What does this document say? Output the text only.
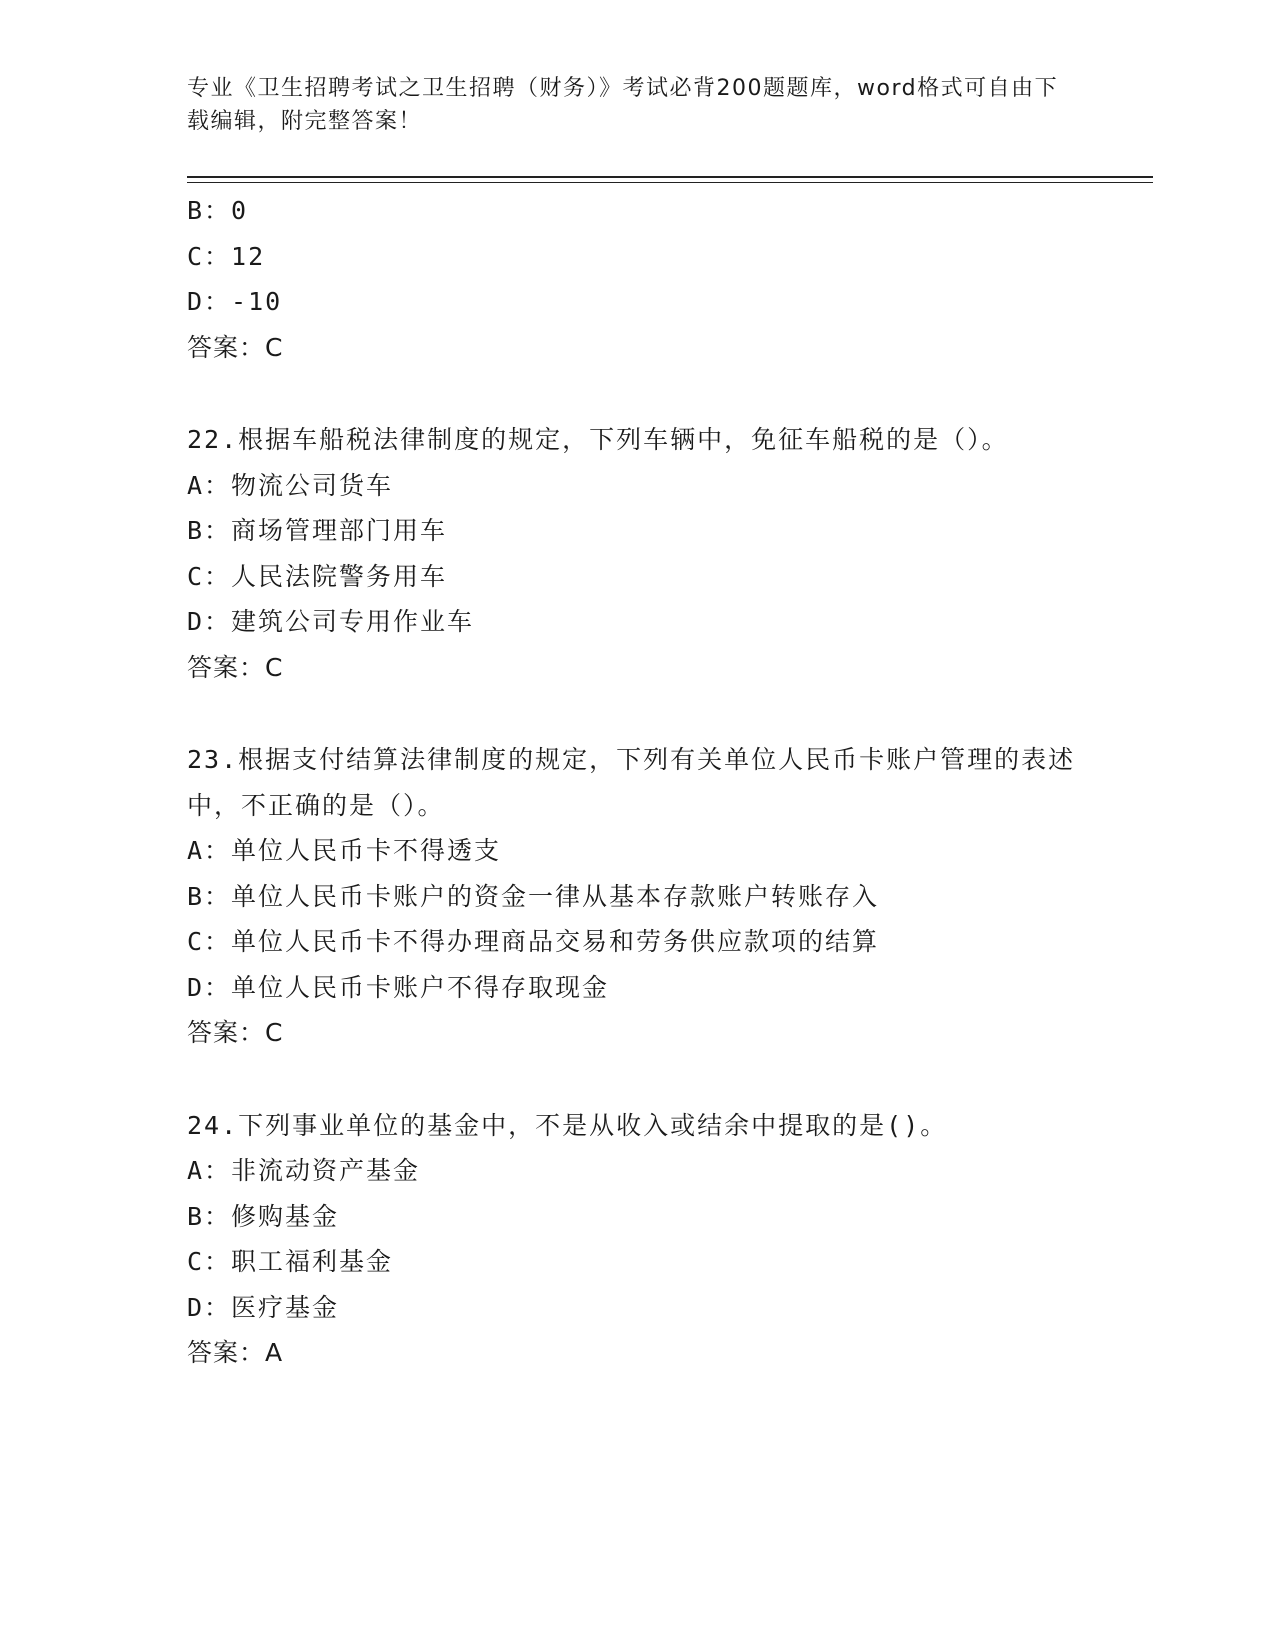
专业《卫生招聘考试之卫生招聘（财务）》考试必背200题题库，word格式可自由下载编辑，附完整答案！
B：0
C：12
D：-10
答案：C
22.根据车船税法律制度的规定，下列车辆中，免征车船税的是（）。
A：物流公司货车
B：商场管理部门用车
C：人民法院警务用车
D：建筑公司专用作业车
答案：C
23.根据支付结算法律制度的规定，下列有关单位人民币卡账户管理的表述中，不正确的是（）。
A：单位人民币卡不得透支
B：单位人民币卡账户的资金一律从基本存款账户转账存入
C：单位人民币卡不得办理商品交易和劳务供应款项的结算
D：单位人民币卡账户不得存取现金
答案：C
24.下列事业单位的基金中，不是从收入或结余中提取的是()。
A：非流动资产基金
B：修购基金
C：职工福利基金
D：医疗基金
答案：A
